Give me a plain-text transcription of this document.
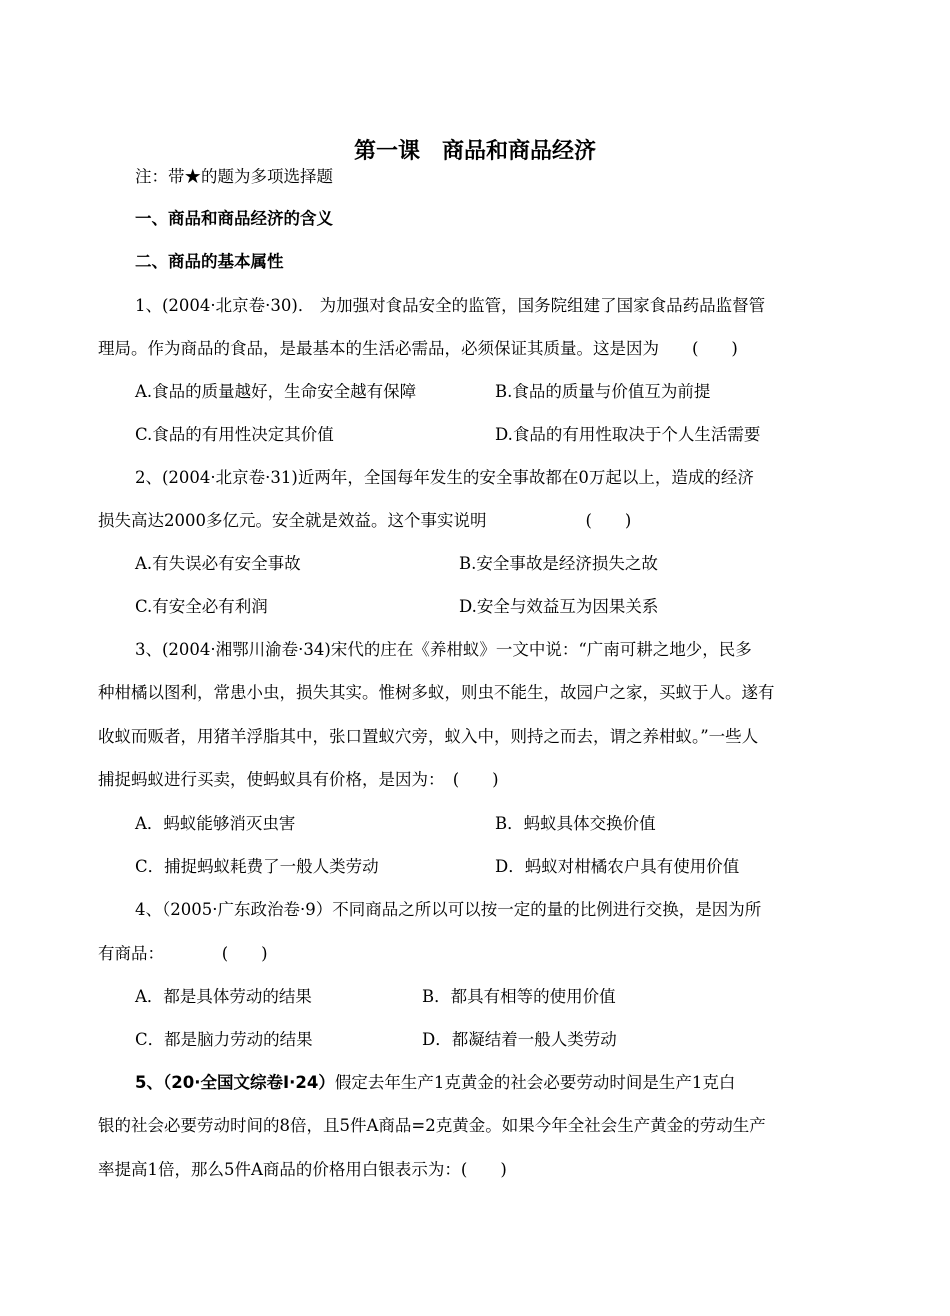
第一课　商品和商品经济
注：带★的题为多项选择题
一、商品和商品经济的含义
二、商品的基本属性
1、(2004·北京卷·30)． 为加强对食品安全的监管，国务院组建了国家食品药品监督管
理局。作为商品的食品，是最基本的生活必需品，必须保证其质量。这是因为　　(　　)
A.食品的质量越好，生命安全越有保障	B.食品的质量与价值互为前提
C.食品的有用性决定其价值	D.食品的有用性取决于个人生活需要
2、(2004·北京卷·31)近两年，全国每年发生的安全事故都在0万起以上，造成的经济
损失高达2000多亿元。安全就是效益。这个事实说明　　　　　　(　　)
A.有失误必有安全事故	B.安全事故是经济损失之故
C.有安全必有利润	D.安全与效益互为因果关系
3、(2004·湘鄂川渝卷·34)宋代的庄在《养柑蚁》一文中说：“广南可耕之地少，民多
种柑橘以图利，常患小虫，损失其实。惟树多蚁，则虫不能生，故园户之家，买蚁于人。遂有
收蚁而贩者，用猪羊浮脂其中，张口置蚁穴旁，蚁入中，则持之而去，谓之养柑蚁。”一些人
捕捉蚂蚁进行买卖，使蚂蚁具有价格，是因为：　(　　)
A．蚂蚁能够消灭虫害	B．蚂蚁具体交换价值
C．捕捉蚂蚁耗费了一般人类劳动	D．蚂蚁对柑橘农户具有使用价值
4、（2005·广东政治卷·9）不同商品之所以可以按一定的量的比例进行交换，是因为所
有商品：　　　　(　　)
A．都是具体劳动的结果	B．都具有相等的使用价值
C．都是脑力劳动的结果	D．都凝结着一般人类劳动
5、（20·全国文综卷Ⅰ·24）假定去年生产1克黄金的社会必要劳动时间是生产1克白
银的社会必要劳动时间的8倍，且5件A商品=2克黄金。如果今年全社会生产黄金的劳动生产
率提高1倍，那么5件A商品的价格用白银表示为：(　　)
